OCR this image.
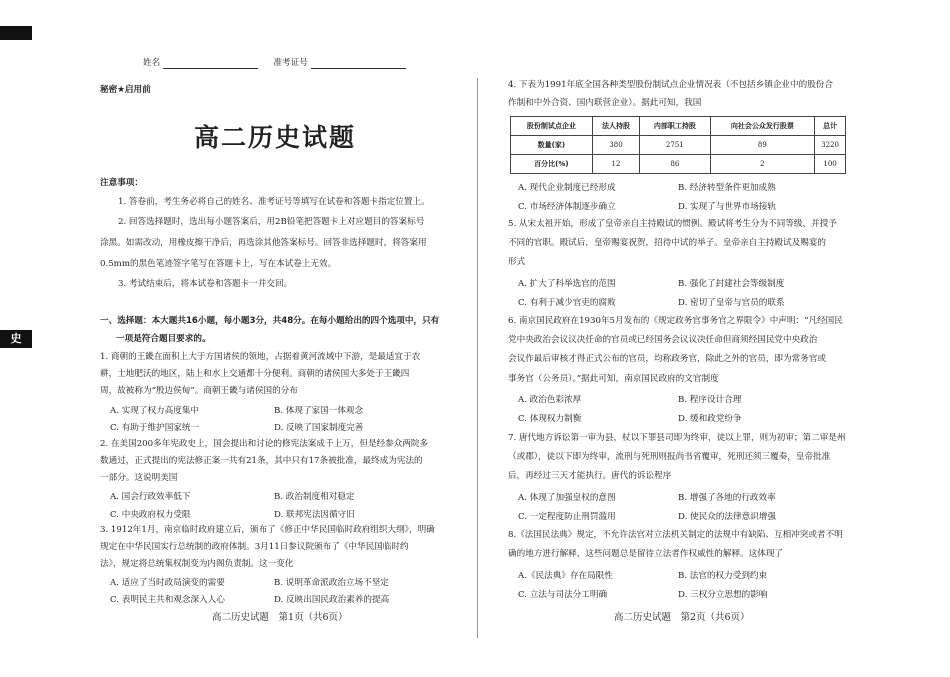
史
姓名	准考证号
秘密★启用前
高二历史试题
注意事项：
1. 答卷前，考生务必将自己的姓名、准考证号等填写在试卷和答题卡指定位置上。
2. 回答选择题时，选出每小题答案后，用2B铅笔把答题卡上对应题目的答案标号
涂黑。如需改动，用橡皮擦干净后，再选涂其他答案标号。回答非选择题时，将答案用
0.5mm的黑色笔迹签字笔写在答题卡上，写在本试卷上无效。
3. 考试结束后，将本试卷和答题卡一并交回。
一、选择题：本大题共16小题，每小题3分，共48分。在每小题给出的四个选项中，只有
一项是符合题目要求的。
1. 商朝的王畿在面积上大于方国诸侯的领地，占据着黄河流域中下游，是最适宜于农
耕，土地肥沃的地区，陆上和水上交通都十分便利。商朝的诸侯国大多处于王畿四
周，故被称为“殷边侯甸”。商朝王畿与诸侯国的分布
A. 实现了权力高度集中	B. 体现了家国一体观念
C. 有助于维护国家统一	D. 反映了国家制度完善
2. 在美国200多年宪政史上，国会提出和讨论的修宪法案成千上万，但是经参众两院多
数通过，正式提出的宪法修正案一共有21条，其中只有17条被批准，最终成为宪法的
一部分。这说明美国
A. 国会行政效率低下	B. 政治制度相对稳定
C. 中央政府权力受限	D. 联邦宪法因循守旧
3. 1912年1月，南京临时政府建立后，颁布了《修正中华民国临时政府组织大纲》，明确
规定在中华民国实行总统制的政府体制。3月11日参议院颁布了《中华民国临时约
法》，规定将总统集权制变为内阁负责制。这一变化
A. 适应了当时政局演变的需要	B. 说明革命派政治立场不坚定
C. 表明民主共和观念深入人心	D. 反映出国民政治素养的提高
4. 下表为1991年底全国各种类型股份制试点企业情况表（不包括乡镇企业中的股份合
作制和中外合资、国内联营企业）。据此可知，我国
股份制试点企业	法人持股	内部职工持股	向社会公众发行股票	总计
数量(家)	380	2751	89	3220
百分比(%)	12	86	2	100
A. 现代企业制度已经形成	B. 经济转型条件更加成熟
C. 市场经济体制逐步确立	D. 实现了与世界市场接轨
5. 从宋太祖开始，形成了皇帝亲自主持殿试的惯例。殿试将考生分为不同等级，并授予
不同的官职。殿试后，皇帝赐宴祝贺，招待中试的举子。皇帝亲自主持殿试及赐宴的
形式
A. 扩大了科举选官的范围	B. 强化了封建社会等级制度
C. 有利于减少官吏的腐败	D. 密切了皇帝与官员的联系
6. 南京国民政府在1930年5月发布的《规定政务官事务官之界限令》中声明：“凡经国民
党中央政治会议议决任命的官员或已经国务会议议决任命但商须经国民党中央政治
会议作最后审核才得正式公布的官员，均称政务官，除此之外的官员，即为常务官或
事务官（公务员）。”据此可知，南京国民政府的文官制度
A. 政治色彩浓厚	B. 程序设计合理
C. 体现权力制衡	D. 缓和政党纷争
7. 唐代地方诉讼第一审为县，杖以下罪县司即为终审，徒以上罪，则为初审；第二审是州
（或郡），徒以下即为终审，流刑与死刑则报尚书省覆审，死刑还须三覆奏，皇帝批准
后，再经过三天才能执行。唐代的诉讼程序
A. 体现了加强皇权的意图	B. 增强了各地的行政效率
C. 一定程度防止刑罚滥用	D. 使民众的法律意识增强
8.《法国民法典》规定，不允许法官对立法机关制定的法规中有缺陷、互相冲突或者不明
确的地方进行解释，这些问题总是留待立法者作权威性的解释。这体现了
A.《民法典》存在局限性	B. 法官的权力受到约束
C. 立法与司法分工明确	D. 三权分立思想的影响
高二历史试题　第1页（共6页）	高二历史试题　第2页（共6页）
